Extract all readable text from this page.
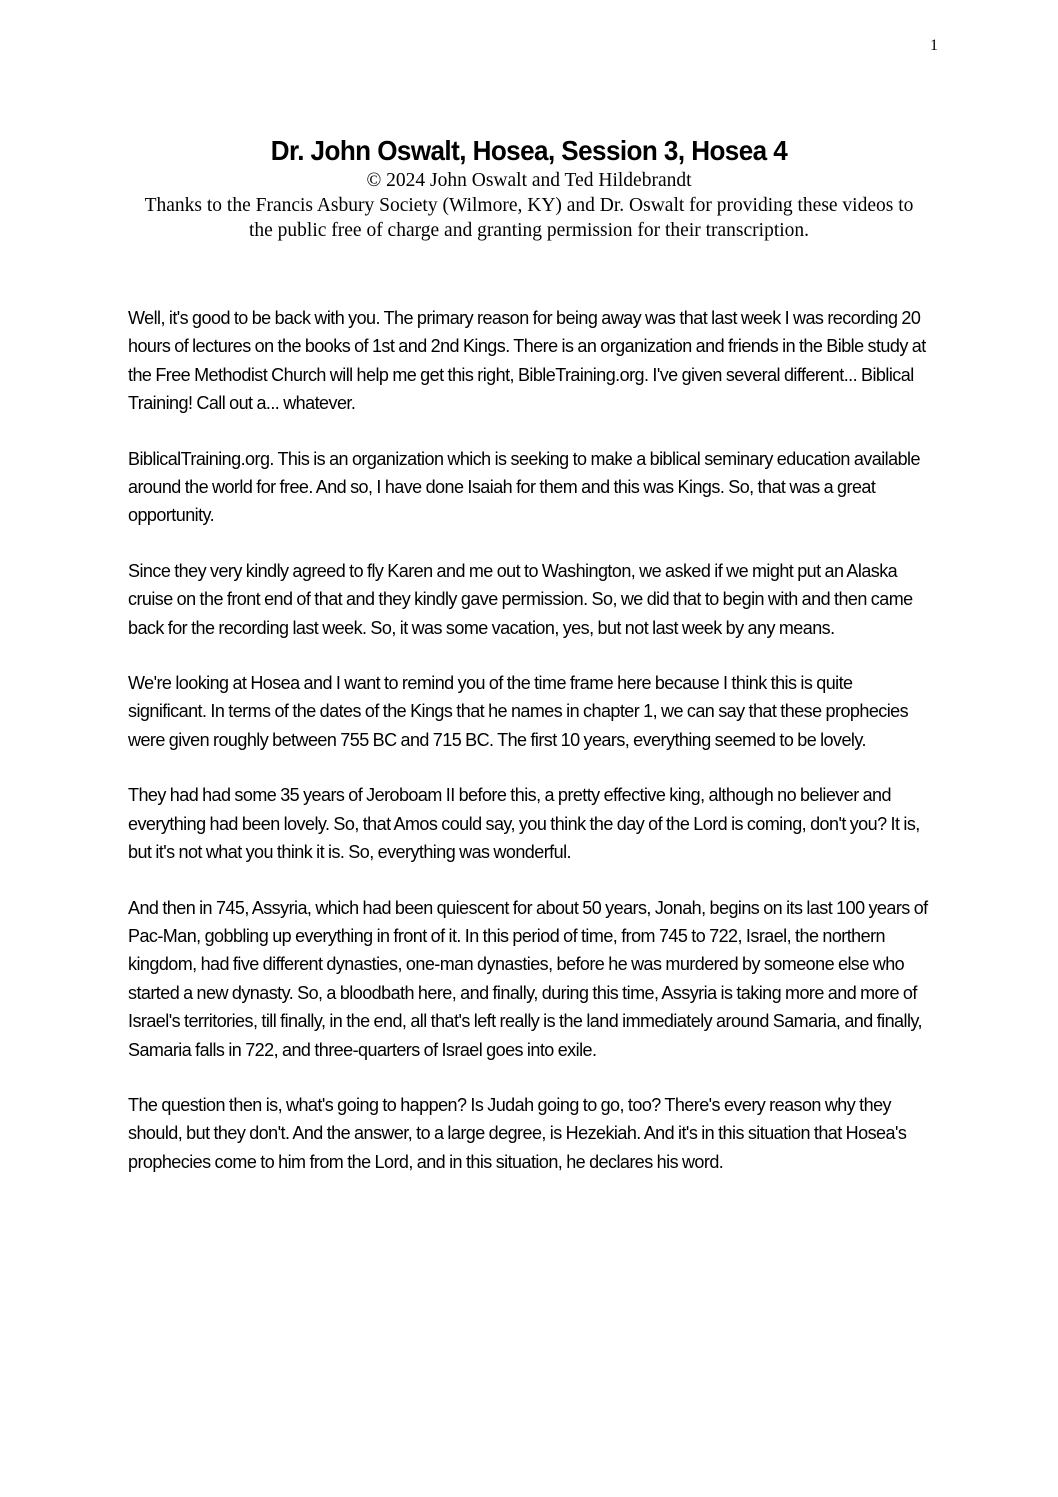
1
Dr. John Oswalt, Hosea, Session 3, Hosea 4

© 2024 John Oswalt and Ted Hildebrandt

Thanks to the Francis Asbury Society (Wilmore, KY) and Dr. Oswalt for providing these videos to the public free of charge and granting permission for their transcription.

Well, it's good to be back with you. The primary reason for being away was that last week I was recording 20 hours of lectures on the books of 1st and 2nd Kings. There is an organization and friends in the Bible study at the Free Methodist Church will help me get this right, BibleTraining.org. I've given several different... Biblical Training! Call out a... whatever.

BiblicalTraining.org. This is an organization which is seeking to make a biblical seminary education available around the world for free. And so, I have done Isaiah for them and this was Kings. So, that was a great opportunity.

Since they very kindly agreed to fly Karen and me out to Washington, we asked if we might put an Alaska cruise on the front end of that and they kindly gave permission. So, we did that to begin with and then came back for the recording last week. So, it was some vacation, yes, but not last week by any means.

We're looking at Hosea and I want to remind you of the time frame here because I think this is quite significant. In terms of the dates of the Kings that he names in chapter 1, we can say that these prophecies were given roughly between 755 BC and 715 BC. The first 10 years, everything seemed to be lovely.

They had had some 35 years of Jeroboam II before this, a pretty effective king, although no believer and everything had been lovely. So, that Amos could say, you think the day of the Lord is coming, don't you? It is, but it's not what you think it is. So, everything was wonderful.

And then in 745, Assyria, which had been quiescent for about 50 years, Jonah, begins on its last 100 years of Pac-Man, gobbling up everything in front of it. In this period of time, from 745 to 722, Israel, the northern kingdom, had five different dynasties, one-man dynasties, before he was murdered by someone else who started a new dynasty. So, a bloodbath here, and finally, during this time, Assyria is taking more and more of Israel's territories, till finally, in the end, all that's left really is the land immediately around Samaria, and finally, Samaria falls in 722, and three-quarters of Israel goes into exile.

The question then is, what's going to happen? Is Judah going to go, too? There's every reason why they should, but they don't. And the answer, to a large degree, is Hezekiah. And it's in this situation that Hosea's prophecies come to him from the Lord, and in this situation, he declares his word.
